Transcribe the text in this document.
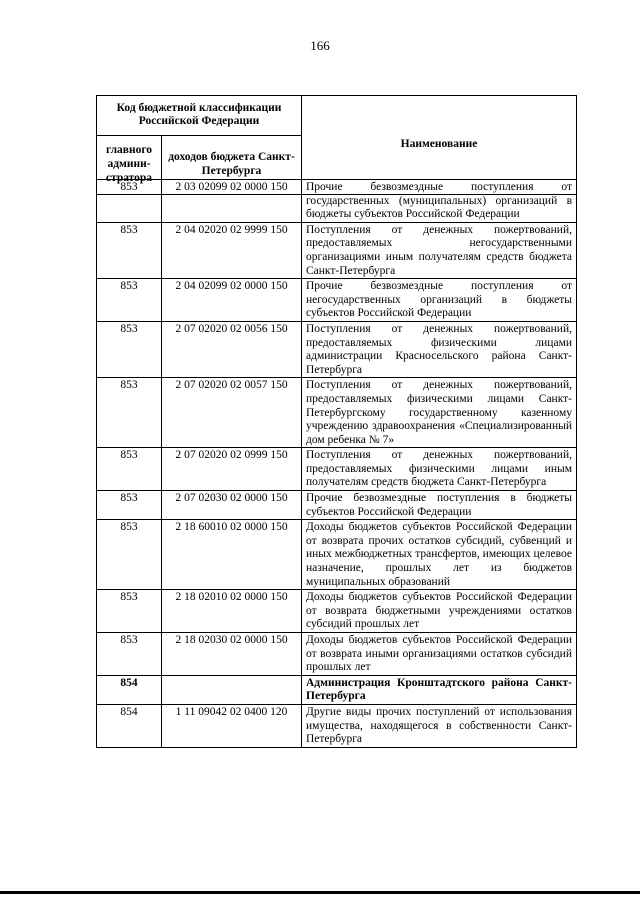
166
Код бюджетной классификации Российской Федерации		Наименование
главного админи-стратора	доходов бюджета Санкт-Петербурга	
853	2 03 02099 02 0000 150	Прочие безвозмездные поступления от государственных (муниципальных) организаций в бюджеты субъектов Российской Федерации
853	2 04 02020 02 9999 150	Поступления от денежных пожертвований, предоставляемых негосударственными организациями иным получателям средств бюджета Санкт-Петербурга
853	2 04 02099 02 0000 150	Прочие безвозмездные поступления от негосударственных организаций в бюджеты субъектов Российской Федерации
853	2 07 02020 02 0056 150	Поступления от денежных пожертвований, предоставляемых физическими лицами администрации Красносельского района Санкт-Петербурга
853	2 07 02020 02 0057 150	Поступления от денежных пожертвований, предоставляемых физическими лицами Санкт-Петербургскому государственному казенному учреждению здравоохранения «Специализированный дом ребенка № 7»
853	2 07 02020 02 0999 150	Поступления от денежных пожертвований, предоставляемых физическими лицами иным получателям средств бюджета Санкт-Петербурга
853	2 07 02030 02 0000 150	Прочие безвозмездные поступления в бюджеты субъектов Российской Федерации
853	2 18 60010 02 0000 150	Доходы бюджетов субъектов Российской Федерации от возврата прочих остатков субсидий, субвенций и иных межбюджетных трансфертов, имеющих целевое назначение, прошлых лет из бюджетов муниципальных образований
853	2 18 02010 02 0000 150	Доходы бюджетов субъектов Российской Федерации от возврата бюджетными учреждениями остатков субсидий прошлых лет
853	2 18 02030 02 0000 150	Доходы бюджетов субъектов Российской Федерации от возврата иными организациями остатков субсидий прошлых лет
854		Администрация Кронштадтского района Санкт-Петербурга
854	1 11 09042 02 0400 120	Другие виды прочих поступлений от использования имущества, находящегося в собственности Санкт-Петербурга
